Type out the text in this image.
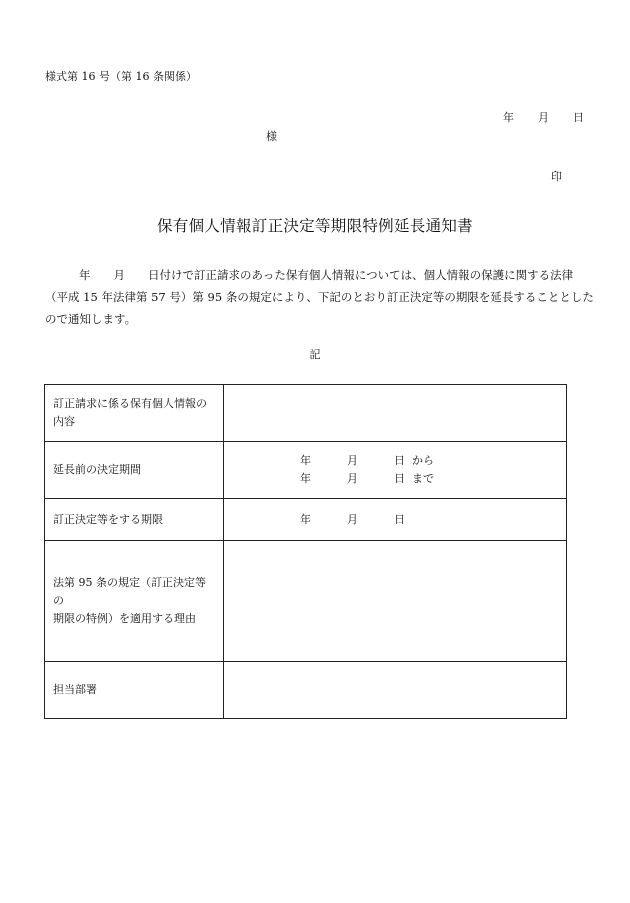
様式第 16 号（第 16 条関係）
年 月 日
様
印
保有個人情報訂正決定等期限特例延長通知書
年　　月　　日付けで訂正請求のあった保有個人情報については、個人情報の保護に関する法律
（平成 15 年法律第 57 号）第 95 条の規定により、下記のとおり訂正決定等の期限を延長することとした
ので通知します。
記
訂正請求に係る保有個人情報の
内容	

延長前の決定期間	年 月 日 から
年 月 日 まで

訂正決定等をする期限	年 月 日

法第 95 条の規定（訂正決定等の
期限の特例）を適用する理由	

担当部署	
